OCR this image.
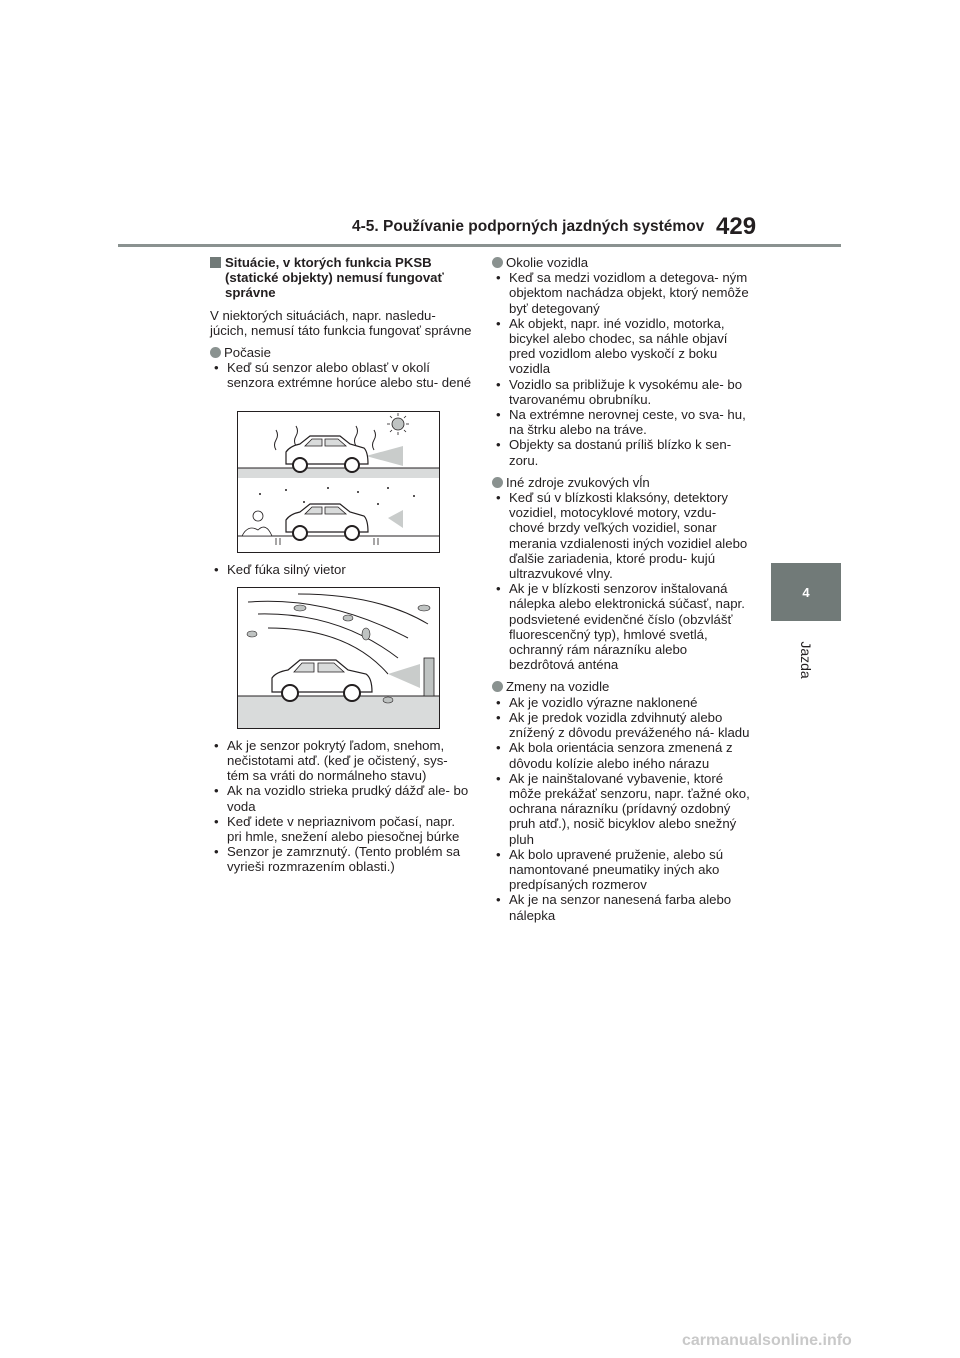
4-5. Používanie podporných jazdných systémov 429
4
Jazda
Situácie, v ktorých funkcia PKSB (statické objekty) nemusí fungovať správne
V niektorých situáciách, napr. nasledu- júcich, nemusí táto funkcia fungovať správne
Počasie
• Keď sú senzor alebo oblasť v okolí senzora extrémne horúce alebo stu- dené
• Keď fúka silný vietor
• Ak je senzor pokrytý ľadom, snehom, nečistotami atď. (keď je očistený, sys- tém sa vráti do normálneho stavu)
• Ak na vozidlo strieka prudký dážď ale- bo voda
• Keď idete v nepriaznivom počasí, napr. pri hmle, snežení alebo piesočnej búrke
• Senzor je zamrznutý. (Tento problém sa vyrieši rozmrazením oblasti.)
Okolie vozidla
• Keď sa medzi vozidlom a detegova- ným objektom nachádza objekt, ktorý nemôže byť detegovaný
• Ak objekt, napr. iné vozidlo, motorka, bicykel alebo chodec, sa náhle objaví pred vozidlom alebo vyskočí z boku vozidla
• Vozidlo sa približuje k vysokému ale- bo tvarovanému obrubníku.
• Na extrémne nerovnej ceste, vo sva- hu, na štrku alebo na tráve.
• Objekty sa dostanú príliš blízko k sen- zoru.
Iné zdroje zvukových vĺn
• Keď sú v blízkosti klaksóny, detektory vozidiel, motocyklové motory, vzdu- chové brzdy veľkých vozidiel, sonar merania vzdialenosti iných vozidiel alebo ďalšie zariadenia, ktoré produ- kujú ultrazvukové vlny.
• Ak je v blízkosti senzorov inštalovaná nálepka alebo elektronická súčasť, napr. podsvietené evidenčné číslo (obzvlášť fluorescenčný typ), hmlové svetlá, ochranný rám nárazníku alebo bezdrôtová anténa
Zmeny na vozidle
• Ak je vozidlo výrazne naklonené
• Ak je predok vozidla zdvihnutý alebo znížený z dôvodu preváženého ná- kladu
• Ak bola orientácia senzora zmenená z dôvodu kolízie alebo iného nárazu
• Ak je nainštalované vybavenie, ktoré môže prekážať senzoru, napr. ťažné oko, ochrana nárazníku (prídavný ozdobný pruh atď.), nosič bicyklov alebo snežný pluh
• Ak bolo upravené pruženie, alebo sú namontované pneumatiky iných ako predpísaných rozmerov
• Ak je na senzor nanesená farba alebo nálepka
carmanualsonline.info
